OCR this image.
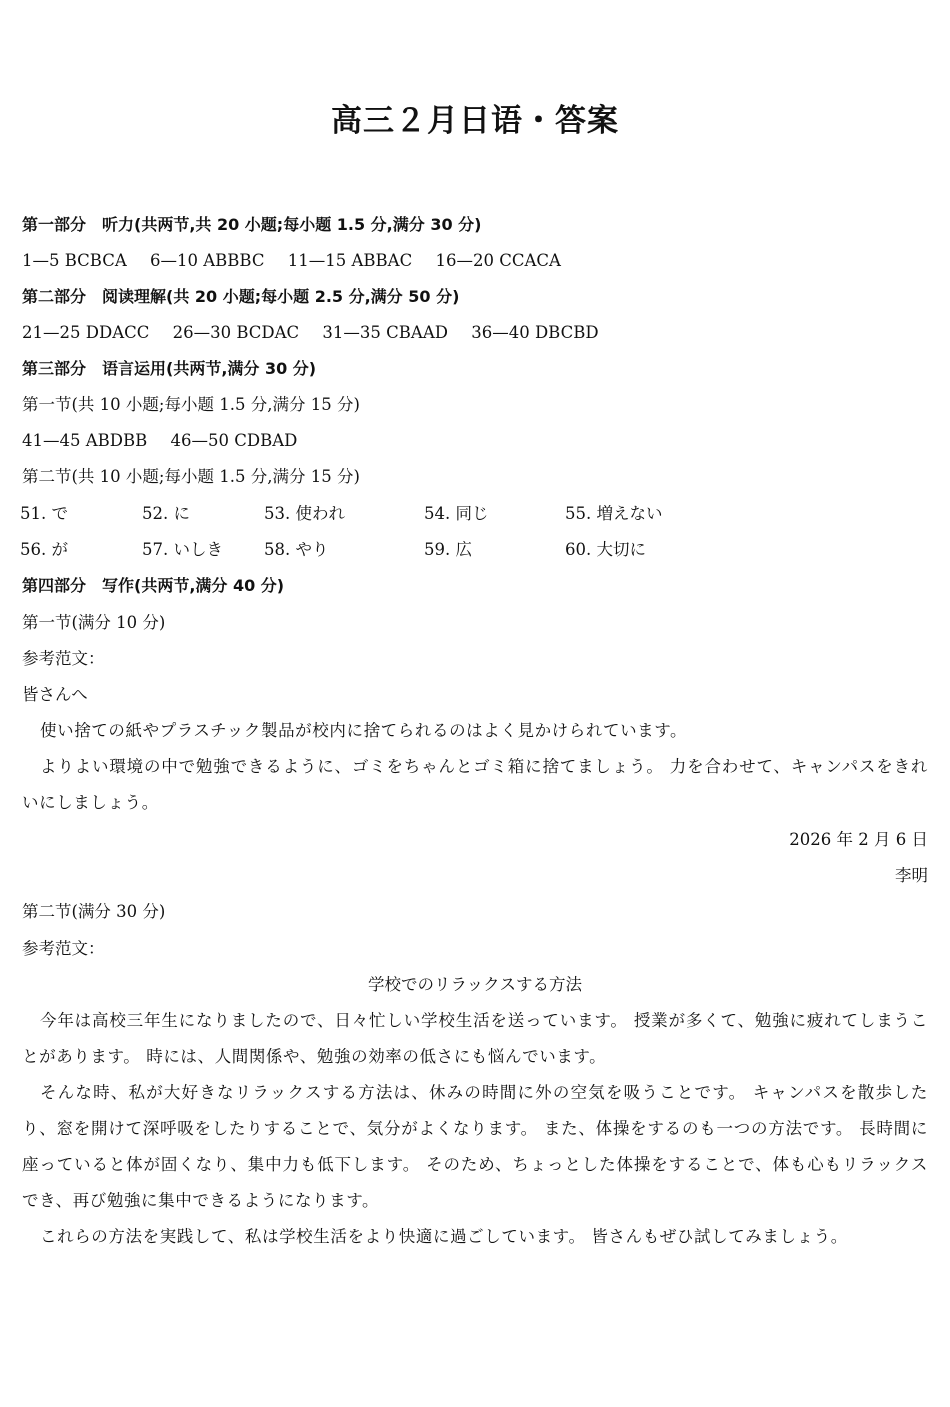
高三２月日语・答案
第一部分　听力(共两节,共 20 小题;每小题 1.5 分,满分 30 分)
1—5 BCBCA 6—10 ABBBC 11—15 ABBAC 16—20 CCACA
第二部分　阅读理解(共 20 小题;每小题 2.5 分,满分 50 分)
21—25 DDACC 26—30 BCDAC 31—35 CBAAD 36—40 DBCBD
第三部分　语言运用(共两节,满分 30 分)
第一节(共 10 小题;每小题 1.5 分,满分 15 分)
41—45 ABDBB 46—50 CDBAD
第二节(共 10 小题;每小题 1.5 分,满分 15 分)
51. で	52. に	53. 使われ	54. 同じ	55. 増えない
56. が	57. いしき 58. やり	59. 広	60. 大切に
第四部分　写作(共两节,满分 40 分)
第一节(满分 10 分)
参考范文：
皆さんへ
使い捨ての紙やプラスチック製品が校内に捨てられるのはよく見かけられています。
よりよい環境の中で勉強できるように、ゴミをちゃんとゴミ箱に捨てましょう。 力を合わせて、キャンパスをきれいにしましょう。
2026 年 2 月 6 日
李明
第二节(满分 30 分)
参考范文：
学校でのリラックスする方法
今年は高校三年生になりましたので、日々忙しい学校生活を送っています。 授業が多くて、勉強に疲れてしまうことがあります。 時には、人間関係や、勉強の効率の低さにも悩んでいます。
そんな時、私が大好きなリラックスする方法は、休みの時間に外の空気を吸うことです。 キャンパスを散歩したり、窓を開けて深呼吸をしたりすることで、気分がよくなります。 また、体操をするのも一つの方法です。 長時間に座っていると体が固くなり、集中力も低下します。 そのため、ちょっとした体操をすることで、体も心もリラックスでき、再び勉強に集中できるようになります。
これらの方法を実践して、私は学校生活をより快適に過ごしています。 皆さんもぜひ試してみましょう。
